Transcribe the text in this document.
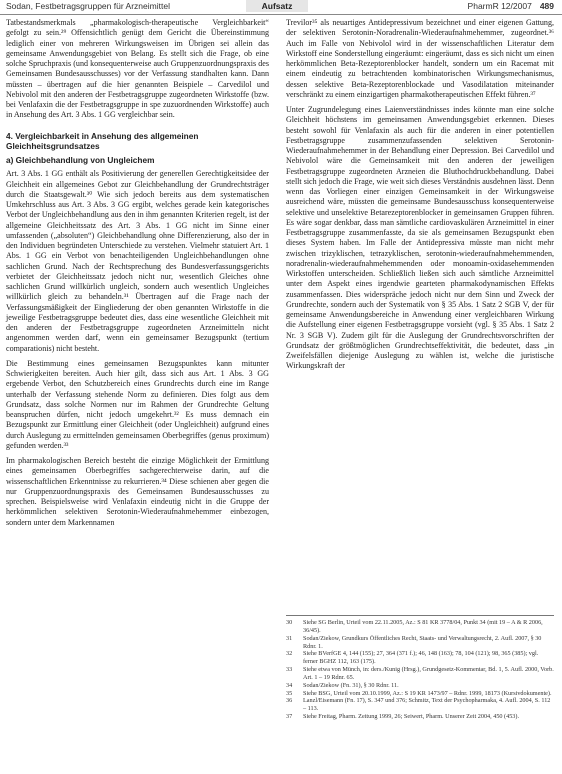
Sodan, Festbetragsgruppen für Arzneimittel	Aufsatz	PharmR 12/2007 489

Tatbestandsmerkmals „pharmakologisch-therapeutische Vergleichbarkeit“ gefolgt zu sein.²⁹ Offensichtlich genügt dem Gericht die Übereinstimmung lediglich einer von mehreren Wirkungsweisen im Übrigen sei allein das gemeinsame Anwendungsgebiet von Belang. Es stellt sich die Frage, ob eine solche Spruchpraxis (und konsequenterweise auch Gruppenzuordnungspraxis des Gemeinsamen Bundesausschusses) vor der Verfassung standhalten kann. Dann müssten – übertragen auf die hier genannten Beispiele – Carvedilol und Nebivolol mit den anderen der Festbetragsgruppe zugeordneten Wirkstoffe (bzw. bei Venlafaxin die der Festbetragsgruppe in spe zuzuordnenden Wirkstoffe) auch in Ansehung des Art. 3 Abs. 1 GG vergleichbar sein.

4. Vergleichbarkeit in Ansehung des allgemeinen Gleichheitsgrundsatzes
a) Gleichbehandlung von Ungleichem

Art. 3 Abs. 1 GG enthält als Positivierung der generellen Gerechtigkeitsidee der Gleichheit ein allgemeines Gebot zur Gleichbehandlung der Grundrechtsträger durch die Staatsgewalt.³⁰ Wie sich jedoch bereits aus dem systematischen Umkehrschluss aus Art. 3 Abs. 3 GG ergibt, welches gerade kein kategorisches Verbot der Ungleichbehandlung aus den in ihm genannten Kriterien regelt, ist der allgemeine Gleichheitssatz des Art. 3 Abs. 1 GG nicht im Sinne einer umfassenden („absoluten“) Gleichbehandlung ohne Differenzierung, also der in den Individuen begründeten Unterschiede zu verstehen. Vielmehr statuiert Art. 1 Abs. 1 GG ein Verbot von benachteiligenden Ungleichbehandlungen ohne sachlichen Grund. Nach der Rechtsprechung des Bundesverfassungsgerichts verbietet der Gleichheitssatz jedoch nicht nur, wesentlich Gleiches ohne sachlichen Grund willkürlich ungleich, sondern auch wesentlich Ungleiches willkürlich gleich zu behandeln.³¹ Übertragen auf die Frage nach der Verfassungsmäßigkeit der Eingliederung der oben genannten Wirkstoffe in die jeweilige Festbetragsgruppe bedeutet dies, dass eine wesentliche Gleichheit mit den anderen der Festbetragsgruppe zugeordneten Arzneimitteln nicht angenommen werden darf, wenn ein gemeinsamer Bezugspunkt (tertium comparationis) nicht besteht.

Die Bestimmung eines gemeinsamen Bezugspunktes kann mitunter Schwierigkeiten bereiten. Auch hier gilt, dass sich aus Art. 1 Abs. 3 GG ergebende Verbot, den Schutzbereich eines Grundrechts durch eine im Range unterhalb der Verfassung stehende Norm zu definieren. Dies folgt aus dem Grundsatz, dass solche Normen nur im Rahmen der Grundrechte Geltung beanspruchen dürfen, nicht jedoch umgekehrt.³² Es muss demnach ein Bezugspunkt zur Ermittlung einer Gleichheit (oder Ungleichheit) aufgrund eines durch Auslegung zu ermittelnden gemeinsamen Oberbegriffes (genus proximum) gefunden werden.³³

Im pharmakologischen Bereich besteht die einzige Möglichkeit der Ermittlung eines gemeinsamen Oberbegriffes sachgerechterweise darin, auf die wissenschaftlichen Erkenntnisse zu rekurrieren.³⁴ Diese schienen aber gegen die nur Gruppenzuordnungspraxis des Gemeinsamen Bundesausschusses zu sprechen. Beispielsweise wird Venlafaxin eindeutig nicht in die Gruppe der herkömmlichen selektiven Serotonin-Wiederaufnahmehemmer einbezogen, sondern unter dem Markennamen

Trevilor³⁵ als neuartiges Antidepressivum bezeichnet und einer eigenen Gattung, der selektiven Serotonin-Noradrenalin-Wiederaufnahmehemmer, zugeordnet.³⁶ Auch im Falle von Nebivolol wird in der wissenschaftlichen Literatur dem Wirkstoff eine Sonderstellung eingeräumt: eingeräumt, dass es sich nicht um einen herkömmlichen Beta-Rezeptorenblocker handelt, sondern um ein Racemat mit einem eindeutig zu betrachtenden kombinatorischen Wirkungsmechanismus, dessen selektive Beta-Rezeptorenblockade und Vasodilatation miteinander verschränkt zu einem einzigartigen pharmakotherapeutischen Effekt führen.³⁷

Unter Zugrundelegung eines Laienverständnisses indes könnte man eine solche Gleichheit höchstens im gemeinsamen Anwendungsgebiet erkennen. Dieses besteht sowohl für Venlafaxin als auch für die anderen in einer potentiellen Festbetragsgruppe zusammenzufassenden selektiven Serotonin-Wiederaufnahmehemmer in der Behandlung einer Depression. Bei Carvedilol und Nebivolol wäre die Gemeinsamkeit mit den anderen der jeweiligen Festbetragsgruppe zugeordneten Arzneien die Bluthochdruckbehandlung. Dabei stellt sich jedoch die Frage, wie weit sich dieses Verständnis ausdehnen lässt. Denn wenn das Vorliegen einer einzigen Gemeinsamkeit in der Wirkungsweise ausreichend wäre, müssten die gemeinsame Bundesausschuss konsequenterweise selektive und unselektive Betarezeptorenblocker in gemeinsamen Gruppen führen. Es wäre sogar denkbar, dass man sämtliche cardiovaskulären Arzneimittel in einer Festbetragsgruppe zusammenfasste, da sie als gemeinsamen Bezugspunkt eben dieses System haben. Im Falle der Antidepressiva müsste man nicht mehr zwischen trizyklischen, tetrazyklischen, serotonin-wiederaufnahmehemmenden, noradrenalin-wiederaufnahmehemmenden oder monoamin-oxidasehemmenden Wirkstoffen unterscheiden. Schließlich ließen sich auch sämtliche Arzneimittel unter dem Aspekt eines irgendwie gearteten pharmakodynamischen Effekts zusammenfassen. Dies widerspräche jedoch nicht nur dem Sinn und Zweck der Grundrechte, sondern auch der Systematik von § 35 Abs. 1 Satz 2 SGB V, der für gemeinsame Anwendungsbereiche in Anwendung einer vergleichbaren Wirkung die Aufstellung einer eigenen Festbetragsgruppe vorsieht (vgl. § 35 Abs. 1 Satz 2 Nr. 3 SGB V). Zudem gilt für die Auslegung der Grundrechtsvorschriften der Grundsatz der größtmöglichen Grundrechtseffektivität, die bedeutet, dass „in Zweifelsfällen diejenige Auslegung zu wählen ist, welche die juristische Wirkungskraft der

30	Siehe SG Berlin, Urteil vom 22.11.2005, Az.: S 81 KR 3778/04, Punkt 34 (mit 19 – A & R 2006, 36/45).
31	Sodan/Ziekow, Grundkurs Öffentliches Recht, Staats- und Verwaltungsrecht, 2. Aufl. 2007, § 30 Rdnr. 1.
32	Siehe BVerfGE 4, 144 (155); 27, 364 (371 f.); 46, 148 (163); 78, 104 (121); 98, 365 (385); vgl. ferner BGHZ 112, 163 (175).
33	Siehe etwa von Münch, in: ders./Kunig (Hrsg.), Grundgesetz-Kommentar, Bd. 1, 5. Aufl. 2000, Vorb. Art. 1 – 19 Rdnr. 65.
34	Sodan/Ziekow (Fn. 31), § 30 Rdnr. 11.
35	Siehe BSG, Urteil vom 20.10.1999, Az.: S 19 KR 1473/97 – Rdnr. 1999, 18173 (Kursivdokumente).
36	Lanzl/Eisemann (Fn. 17), S. 347 und 376; Schmitz, Text der Psychopharmaka, 4. Aufl. 2004, S. 112 – 113.
37	Siehe Freitag, Pharm. Zeitung 1999, 26; Seiwert, Pharm. Unserer Zeit 2004, 450 (453).
